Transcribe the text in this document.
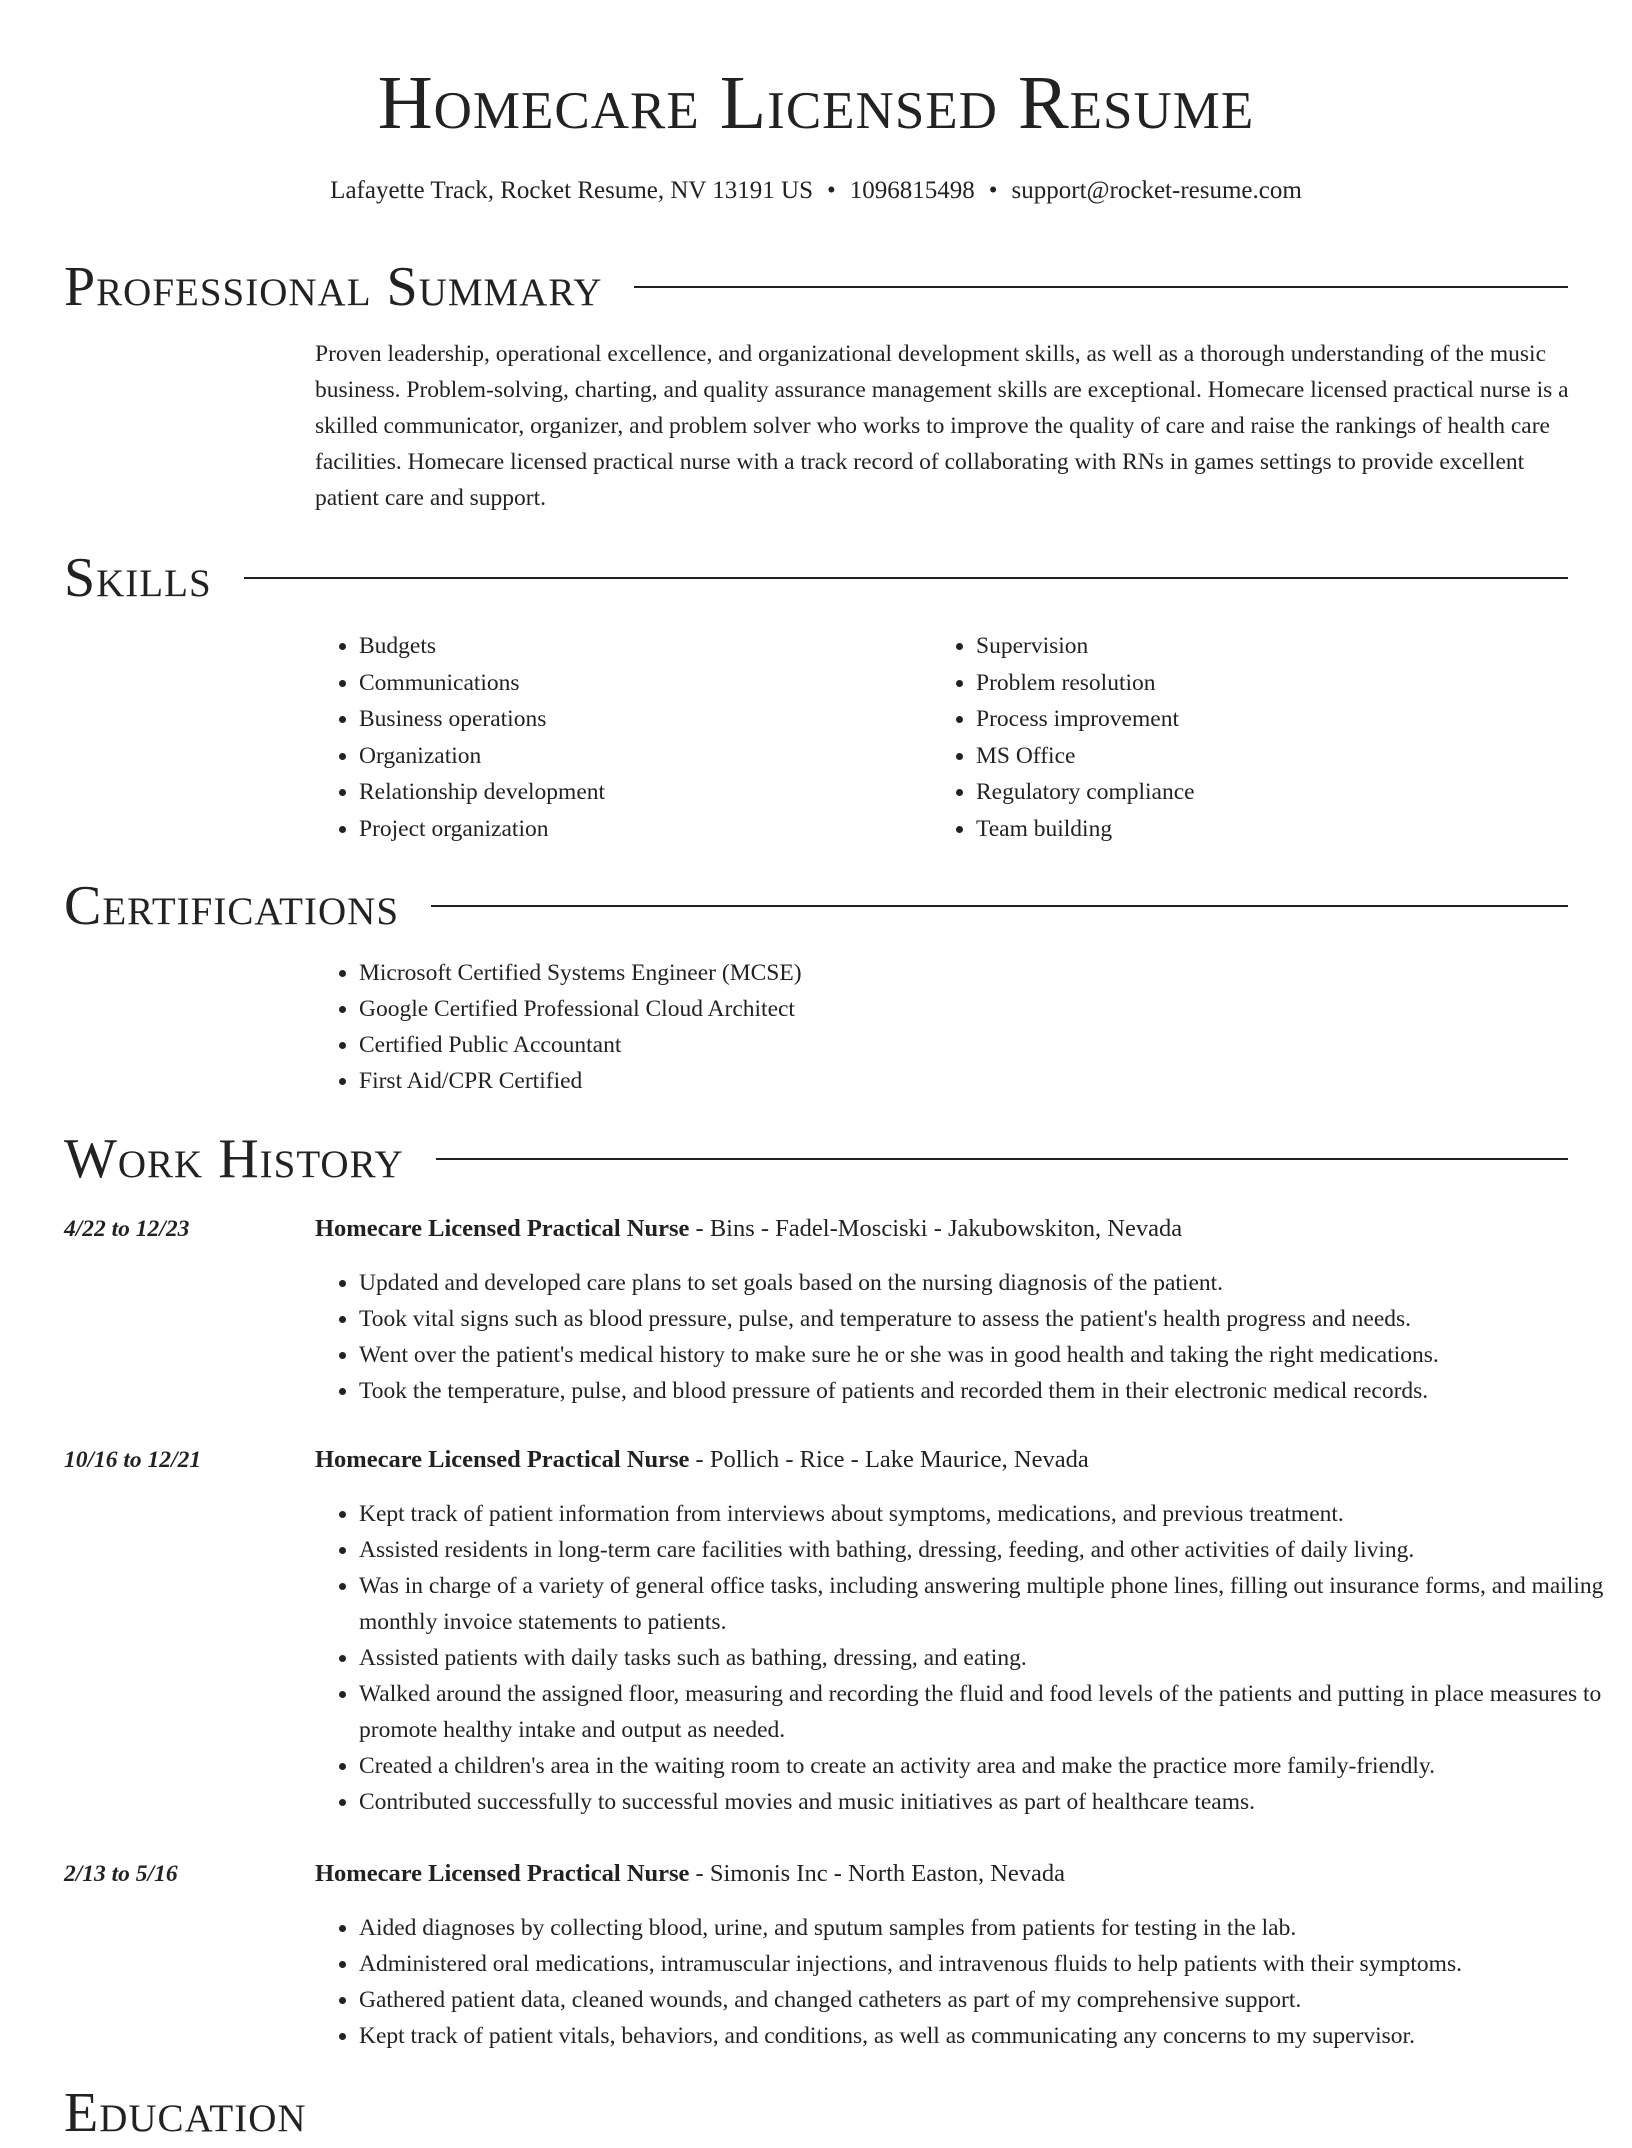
Homecare Licensed Resume
Lafayette Track, Rocket Resume, NV 13191 US • 1096815498 • support@rocket-resume.com
Professional Summary
Proven leadership, operational excellence, and organizational development skills, as well as a thorough understanding of the music business. Problem-solving, charting, and quality assurance management skills are exceptional. Homecare licensed practical nurse is a skilled communicator, organizer, and problem solver who works to improve the quality of care and raise the rankings of health care facilities. Homecare licensed practical nurse with a track record of collaborating with RNs in games settings to provide excellent patient care and support.
Skills
• Budgets
• Communications
• Business operations
• Organization
• Relationship development
• Project organization
• Supervision
• Problem resolution
• Process improvement
• MS Office
• Regulatory compliance
• Team building
Certifications
• Microsoft Certified Systems Engineer (MCSE)
• Google Certified Professional Cloud Architect
• Certified Public Accountant
• First Aid/CPR Certified
Work History
4/22 to 12/23	Homecare Licensed Practical Nurse - Bins - Fadel-Mosciski - Jakubowskiton, Nevada
• Updated and developed care plans to set goals based on the nursing diagnosis of the patient.
• Took vital signs such as blood pressure, pulse, and temperature to assess the patient's health progress and needs.
• Went over the patient's medical history to make sure he or she was in good health and taking the right medications.
• Took the temperature, pulse, and blood pressure of patients and recorded them in their electronic medical records.
10/16 to 12/21	Homecare Licensed Practical Nurse - Pollich - Rice - Lake Maurice, Nevada
• Kept track of patient information from interviews about symptoms, medications, and previous treatment.
• Assisted residents in long-term care facilities with bathing, dressing, feeding, and other activities of daily living.
• Was in charge of a variety of general office tasks, including answering multiple phone lines, filling out insurance forms, and mailing monthly invoice statements to patients.
• Assisted patients with daily tasks such as bathing, dressing, and eating.
• Walked around the assigned floor, measuring and recording the fluid and food levels of the patients and putting in place measures to promote healthy intake and output as needed.
• Created a children's area in the waiting room to create an activity area and make the practice more family-friendly.
• Contributed successfully to successful movies and music initiatives as part of healthcare teams.
2/13 to 5/16	Homecare Licensed Practical Nurse - Simonis Inc - North Easton, Nevada
• Aided diagnoses by collecting blood, urine, and sputum samples from patients for testing in the lab.
• Administered oral medications, intramuscular injections, and intravenous fluids to help patients with their symptoms.
• Gathered patient data, cleaned wounds, and changed catheters as part of my comprehensive support.
• Kept track of patient vitals, behaviors, and conditions, as well as communicating any concerns to my supervisor.
Education
